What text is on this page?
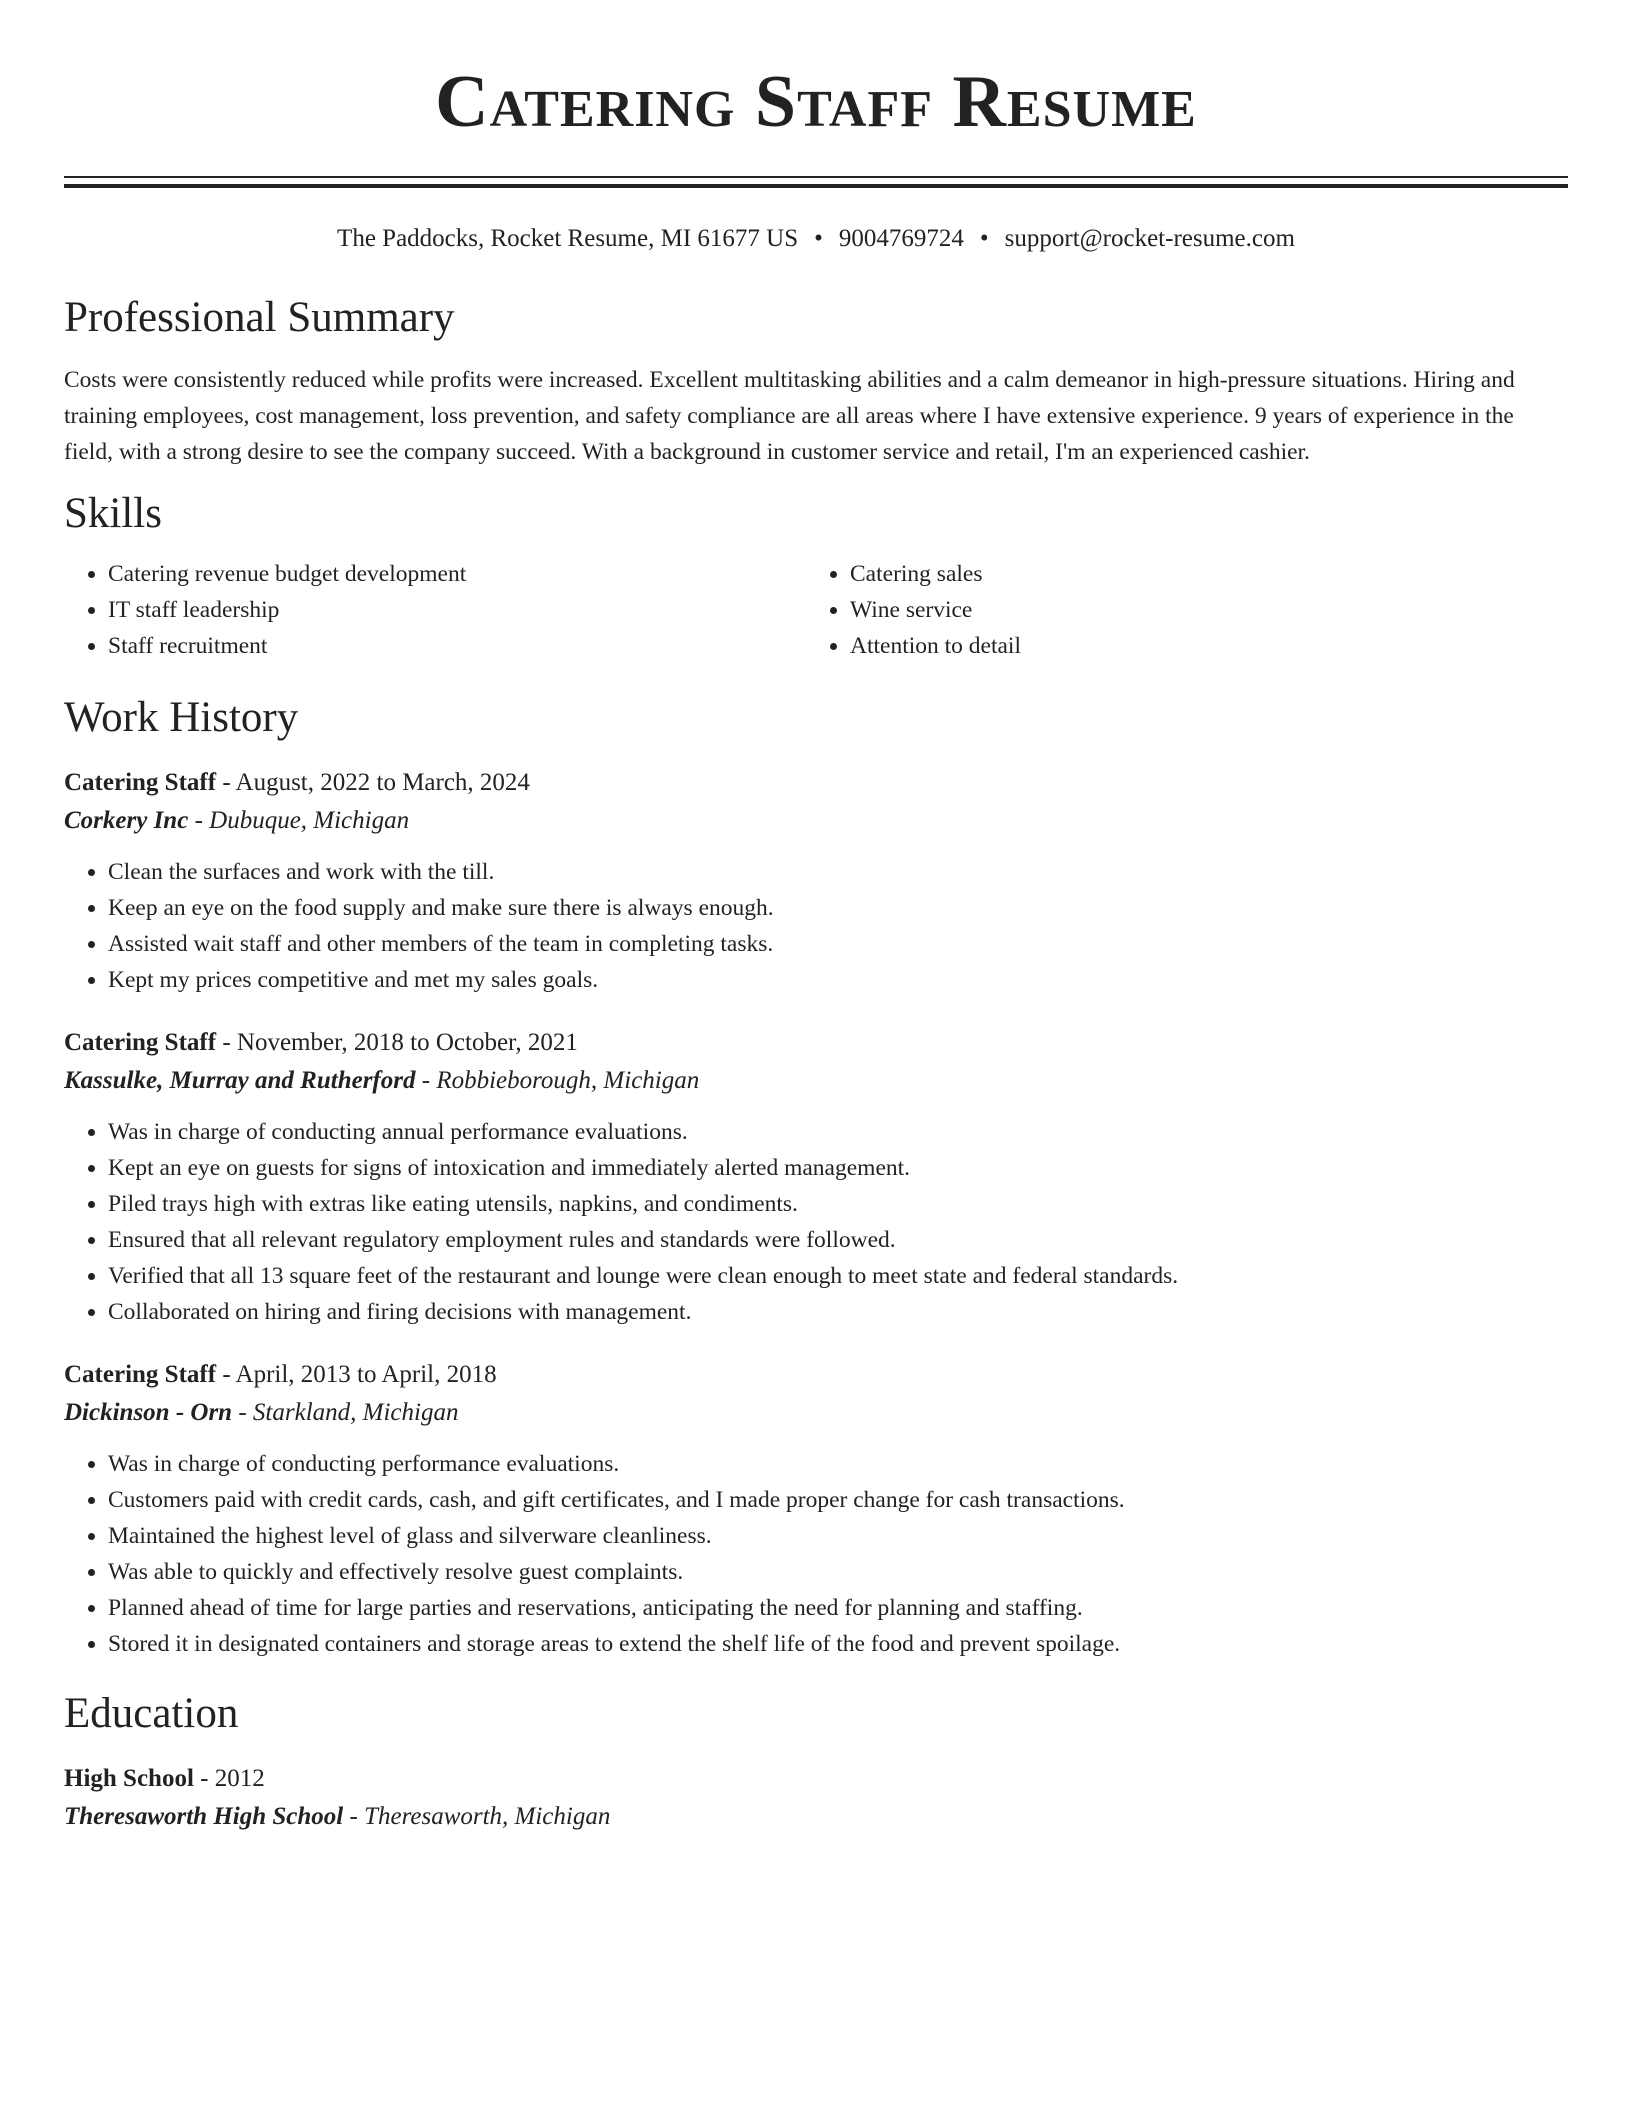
Catering Staff Resume
The Paddocks, Rocket Resume, MI 61677 US • 9004769724 • support@rocket-resume.com
Professional Summary
Costs were consistently reduced while profits were increased. Excellent multitasking abilities and a calm demeanor in high-pressure situations. Hiring and training employees, cost management, loss prevention, and safety compliance are all areas where I have extensive experience. 9 years of experience in the field, with a strong desire to see the company succeed. With a background in customer service and retail, I'm an experienced cashier.
Skills
• Catering revenue budget development
• IT staff leadership
• Staff recruitment
• Catering sales
• Wine service
• Attention to detail
Work History
Catering Staff - August, 2022 to March, 2024
Corkery Inc - Dubuque, Michigan
• Clean the surfaces and work with the till.
• Keep an eye on the food supply and make sure there is always enough.
• Assisted wait staff and other members of the team in completing tasks.
• Kept my prices competitive and met my sales goals.
Catering Staff - November, 2018 to October, 2021
Kassulke, Murray and Rutherford - Robbieborough, Michigan
• Was in charge of conducting annual performance evaluations.
• Kept an eye on guests for signs of intoxication and immediately alerted management.
• Piled trays high with extras like eating utensils, napkins, and condiments.
• Ensured that all relevant regulatory employment rules and standards were followed.
• Verified that all 13 square feet of the restaurant and lounge were clean enough to meet state and federal standards.
• Collaborated on hiring and firing decisions with management.
Catering Staff - April, 2013 to April, 2018
Dickinson - Orn - Starkland, Michigan
• Was in charge of conducting performance evaluations.
• Customers paid with credit cards, cash, and gift certificates, and I made proper change for cash transactions.
• Maintained the highest level of glass and silverware cleanliness.
• Was able to quickly and effectively resolve guest complaints.
• Planned ahead of time for large parties and reservations, anticipating the need for planning and staffing.
• Stored it in designated containers and storage areas to extend the shelf life of the food and prevent spoilage.
Education
High School - 2012
Theresaworth High School - Theresaworth, Michigan
